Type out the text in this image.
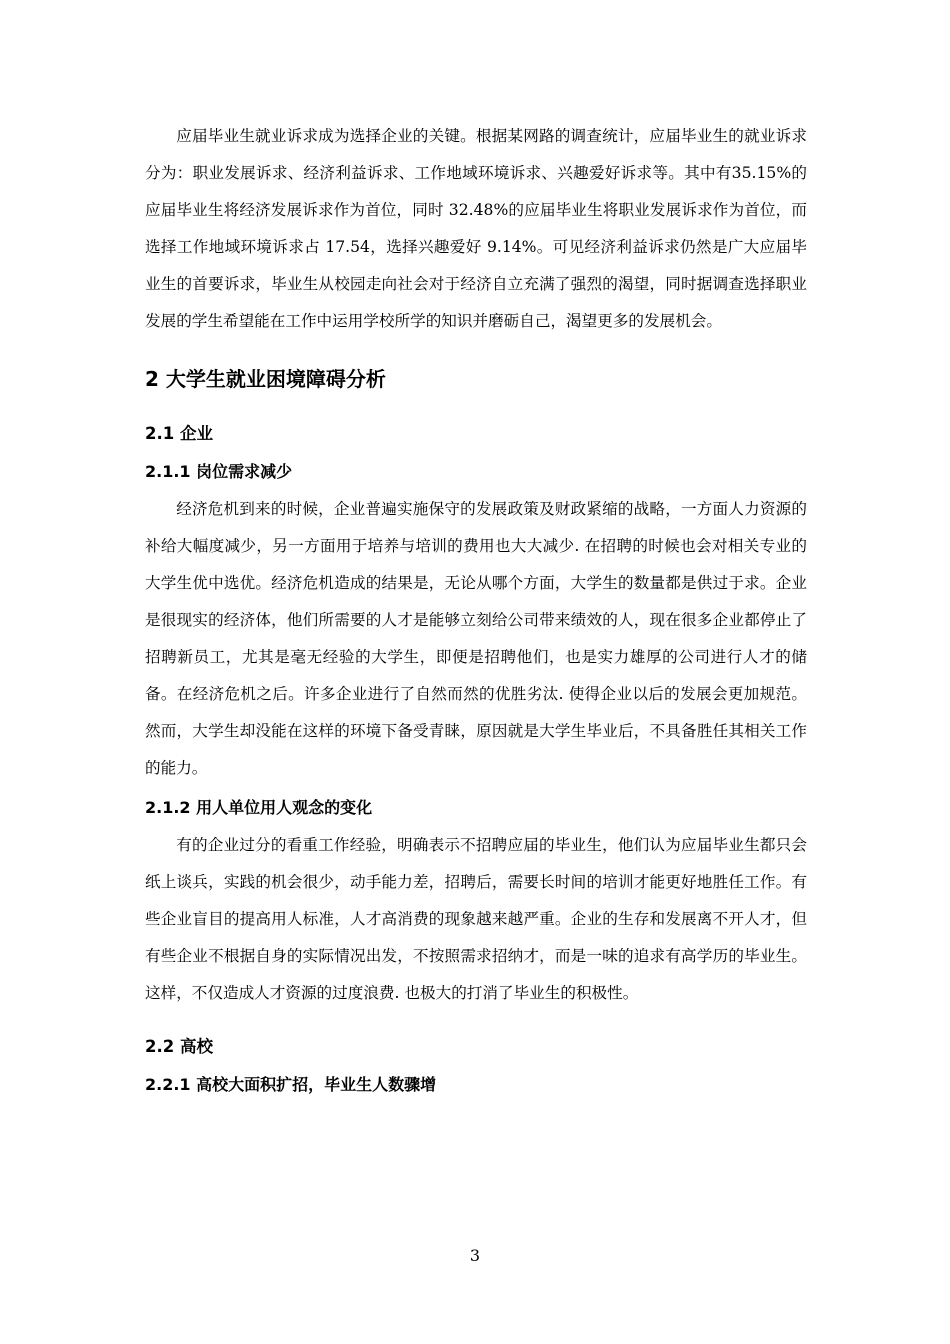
应届毕业生就业诉求成为选择企业的关键。根据某网路的调查统计，应届毕业生的就业诉求分为：职业发展诉求、经济利益诉求、工作地域环境诉求、兴趣爱好诉求等。其中有35.15%的应届毕业生将经济发展诉求作为首位，同时 32.48%的应届毕业生将职业发展诉求作为首位，而选择工作地域环境诉求占 17.54，选择兴趣爱好 9.14%。可见经济利益诉求仍然是广大应届毕业生的首要诉求，毕业生从校园走向社会对于经济自立充满了强烈的渴望，同时据调查选择职业发展的学生希望能在工作中运用学校所学的知识并磨砺自己，渴望更多的发展机会。

2 大学生就业困境障碍分析
2.1 企业
2.1.1 岗位需求减少

经济危机到来的时候，企业普遍实施保守的发展政策及财政紧缩的战略，一方面人力资源的补给大幅度减少，另一方面用于培养与培训的费用也大大减少. 在招聘的时候也会对相关专业的大学生优中选优。经济危机造成的结果是，无论从哪个方面，大学生的数量都是供过于求。企业是很现实的经济体，他们所需要的人才是能够立刻给公司带来绩效的人，现在很多企业都停止了招聘新员工，尤其是毫无经验的大学生，即便是招聘他们，也是实力雄厚的公司进行人才的储备。在经济危机之后。许多企业进行了自然而然的优胜劣汰. 使得企业以后的发展会更加规范。然而，大学生却没能在这样的环境下备受青睐，原因就是大学生毕业后，不具备胜任其相关工作的能力。

2.1.2 用人单位用人观念的变化

有的企业过分的看重工作经验，明确表示不招聘应届的毕业生，他们认为应届毕业生都只会纸上谈兵，实践的机会很少，动手能力差，招聘后，需要长时间的培训才能更好地胜任工作。有些企业盲目的提高用人标准，人才高消费的现象越来越严重。企业的生存和发展离不开人才，但有些企业不根据自身的实际情况出发，不按照需求招纳才，而是一味的追求有高学历的毕业生。这样，不仅造成人才资源的过度浪费. 也极大的打消了毕业生的积极性。

2.2 高校
2.2.1 高校大面积扩招，毕业生人数骤增
3
